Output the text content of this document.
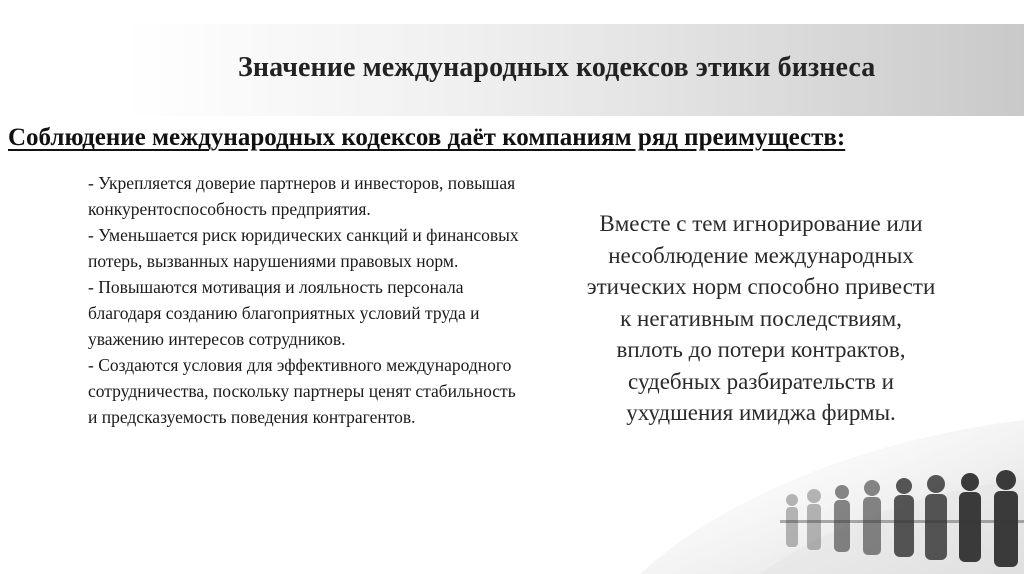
Значение международных кодексов этики бизнеса
Соблюдение международных кодексов даёт компаниям ряд преимуществ:
- Укрепляется доверие партнеров и инвесторов, повышая конкурентоспособность предприятия.
- Уменьшается риск юридических санкций и финансовых потерь, вызванных нарушениями правовых норм.
- Повышаются мотивация и лояльность персонала благодаря созданию благоприятных условий труда и уважению интересов сотрудников.
- Создаются условия для эффективного международного сотрудничества, поскольку партнеры ценят стабильность и предсказуемость поведения контрагентов.
Вместе с тем игнорирование или несоблюдение международных этических норм способно привести к негативным последствиям, вплоть до потери контрактов, судебных разбирательств и ухудшения имиджа фирмы.
